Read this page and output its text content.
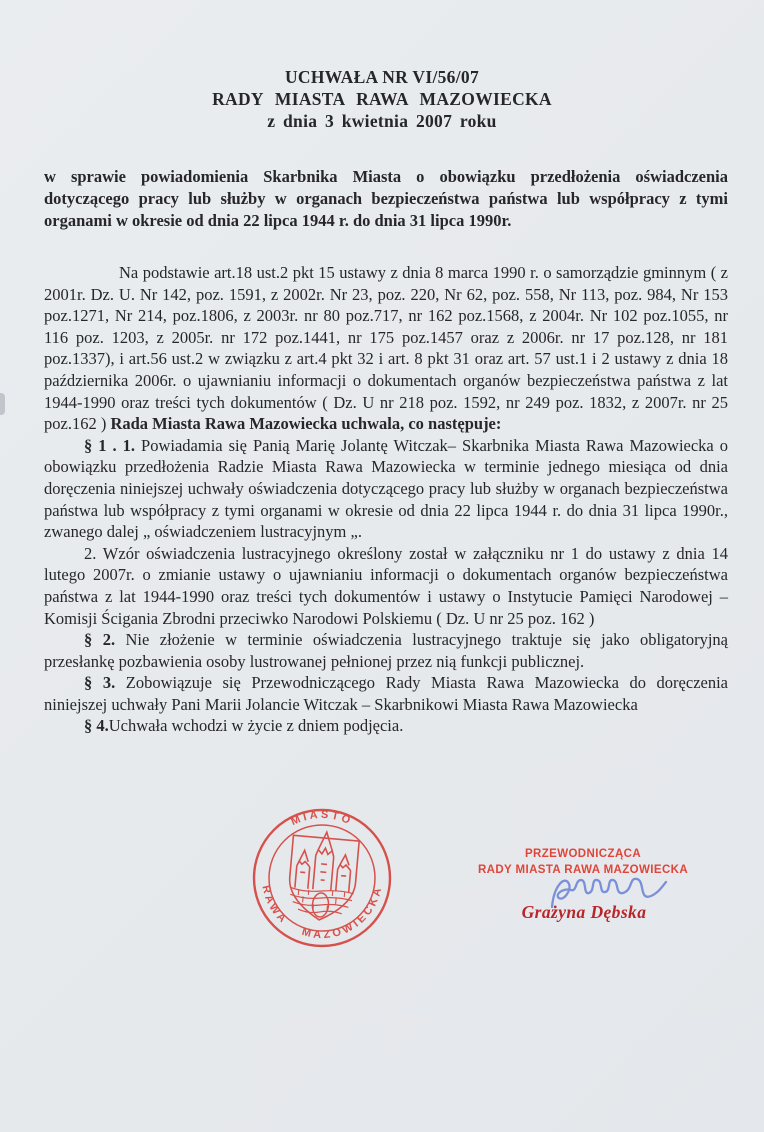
UCHWAŁA NR VI/56/07
RADY MIASTA RAWA MAZOWIECKA
z dnia 3 kwietnia 2007 roku
w sprawie powiadomienia Skarbnika Miasta o obowiązku przedłożenia oświadczenia dotyczącego pracy lub służby w organach bezpieczeństwa państwa lub współpracy z tymi organami w okresie od dnia 22 lipca 1944 r. do dnia 31 lipca 1990r.

Na podstawie art.18 ust.2 pkt 15 ustawy z dnia 8 marca 1990 r. o samorządzie gminnym ( z 2001r. Dz. U. Nr 142, poz. 1591, z 2002r. Nr 23, poz. 220, Nr 62, poz. 558, Nr 113, poz. 984, Nr 153 poz.1271, Nr 214, poz.1806, z 2003r. nr 80 poz.717, nr 162 poz.1568, z 2004r. Nr 102 poz.1055, nr 116 poz. 1203, z 2005r. nr 172 poz.1441, nr 175 poz.1457 oraz z 2006r. nr 17 poz.128, nr 181 poz.1337), i art.56 ust.2 w związku z art.4 pkt 32 i art. 8 pkt 31 oraz art. 57 ust.1 i 2 ustawy z dnia 18 października 2006r. o ujawnianiu informacji o dokumentach organów bezpieczeństwa państwa z lat 1944-1990 oraz treści tych dokumentów ( Dz. U nr 218 poz. 1592, nr 249 poz. 1832, z 2007r. nr 25 poz.162 ) Rada Miasta Rawa Mazowiecka uchwala, co następuje:

§ 1 . 1. Powiadamia się Panią Marię Jolantę Witczak– Skarbnika Miasta Rawa Mazowiecka o obowiązku przedłożenia Radzie Miasta Rawa Mazowiecka w terminie jednego miesiąca od dnia doręczenia niniejszej uchwały oświadczenia dotyczącego pracy lub służby w organach bezpieczeństwa państwa lub współpracy z tymi organami w okresie od dnia 22 lipca 1944 r. do dnia 31 lipca 1990r., zwanego dalej „ oświadczeniem lustracyjnym „.

2. Wzór oświadczenia lustracyjnego określony został w załączniku nr 1 do ustawy z dnia 14 lutego 2007r. o zmianie ustawy o ujawnianiu informacji o dokumentach organów bezpieczeństwa państwa z lat 1944-1990 oraz treści tych dokumentów i ustawy o Instytucie Pamięci Narodowej – Komisji Ścigania Zbrodni przeciwko Narodowi Polskiemu ( Dz. U nr 25 poz. 162 )

§ 2. Nie złożenie w terminie oświadczenia lustracyjnego traktuje się jako obligatoryjną przesłankę pozbawienia osoby lustrowanej pełnionej przez nią funkcji publicznej.

§ 3. Zobowiązuje się Przewodniczącego Rady Miasta Rawa Mazowiecka do doręczenia niniejszej uchwały Pani Marii Jolancie Witczak – Skarbnikowi Miasta Rawa Mazowiecka

§ 4.Uchwała wchodzi w życie z dniem podjęcia.

MIASTO
RAWA MAZOWIECKA
PRZEWODNICZĄCA
RADY MIASTA RAWA MAZOWIECKA
Grażyna Dębska
